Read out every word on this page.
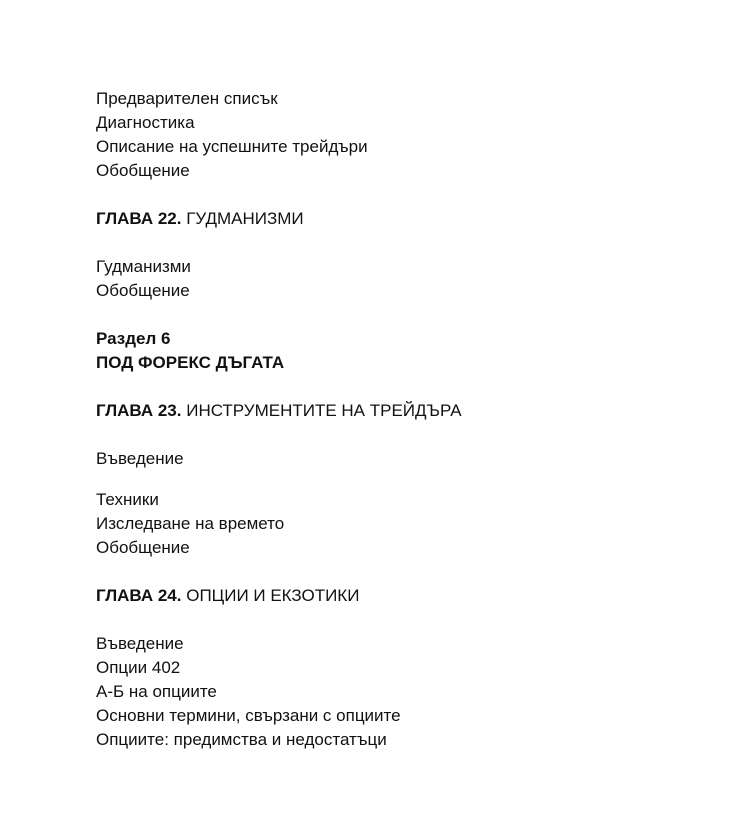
Предварителен списък
Диагностика
Описание на успешните трейдъри
Обобщение
ГЛАВА 22. ГУДМАНИЗМИ
Гудманизми
Обобщение
Раздел 6
ПОД ФОРЕКС ДЪГАТА
ГЛАВА 23. ИНСТРУМЕНТИТЕ НА ТРЕЙДЪРА
Въведение
Техники
Изследване на времето
Обобщение
ГЛАВА 24. ОПЦИИ И ЕКЗОТИКИ
Въведение
Опции 402
А-Б на опциите
Основни термини, свързани с опциите
Опциите: предимства и недостатъци
